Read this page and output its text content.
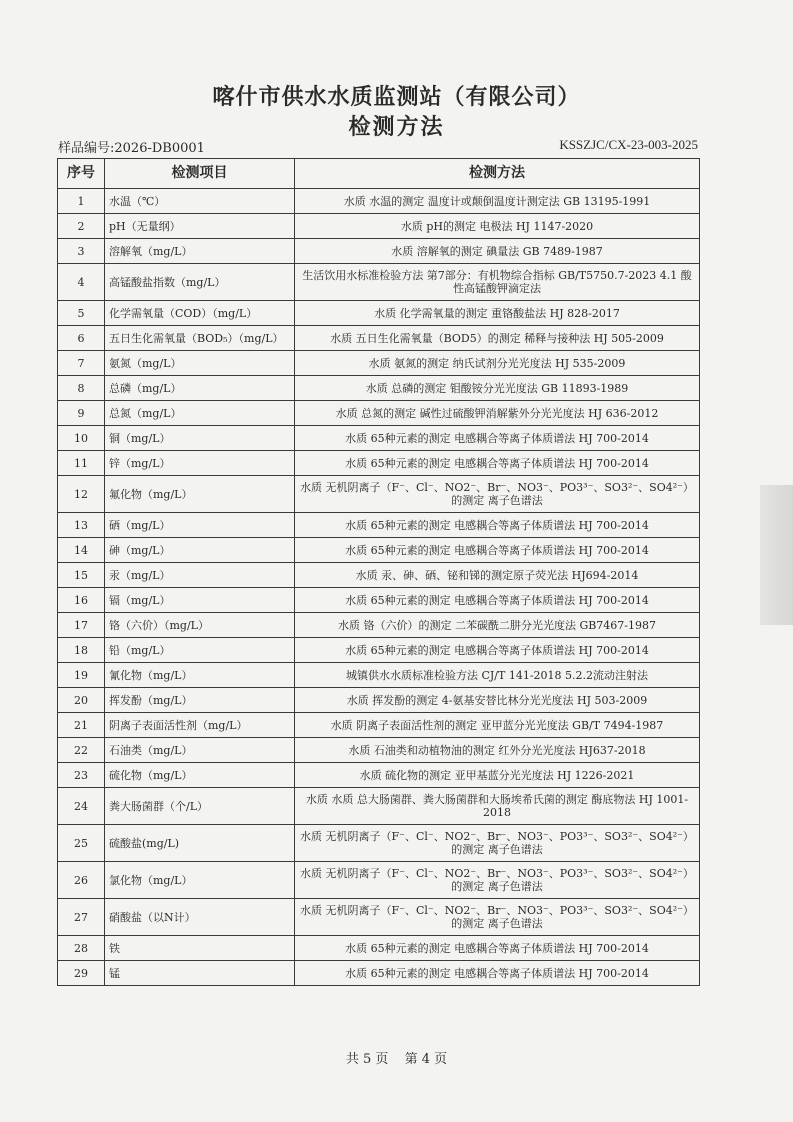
喀什市供水水质监测站（有限公司）
检测方法
样品编号:2026-DB0001	KSSZJC/CX-23-003-2025
序号	检测项目	检测方法
1	水温（℃）	水质 水温的测定 温度计或颠倒温度计测定法 GB 13195-1991
2	pH（无量纲）	水质 pH的测定 电极法 HJ 1147-2020
3	溶解氧（mg/L）	水质 溶解氧的测定 碘量法 GB 7489-1987
4	高锰酸盐指数（mg/L）	生活饮用水标准检验方法 第7部分：有机物综合指标 GB/T5750.7-2023 4.1 酸性高锰酸钾滴定法
5	化学需氧量（COD）（mg/L）	水质 化学需氧量的测定 重铬酸盐法 HJ 828-2017
6	五日生化需氧量（BOD₅）（mg/L）	水质 五日生化需氧量（BOD5）的测定 稀释与接种法 HJ 505-2009
7	氨氮（mg/L）	水质 氨氮的测定 纳氏试剂分光光度法 HJ 535-2009
8	总磷（mg/L）	水质 总磷的测定 钼酸铵分光光度法 GB 11893-1989
9	总氮（mg/L）	水质 总氮的测定 碱性过硫酸钾消解紫外分光光度法 HJ 636-2012
10	铜（mg/L）	水质 65种元素的测定 电感耦合等离子体质谱法 HJ 700-2014
11	锌（mg/L）	水质 65种元素的测定 电感耦合等离子体质谱法 HJ 700-2014
12	氟化物（mg/L）	水质 无机阴离子（F⁻、Cl⁻、NO2⁻、Br⁻、NO3⁻、PO3³⁻、SO3²⁻、SO4²⁻）的测定 离子色谱法
13	硒（mg/L）	水质 65种元素的测定 电感耦合等离子体质谱法 HJ 700-2014
14	砷（mg/L）	水质 65种元素的测定 电感耦合等离子体质谱法 HJ 700-2014
15	汞（mg/L）	水质 汞、砷、硒、铋和锑的测定原子荧光法 HJ694-2014
16	镉（mg/L）	水质 65种元素的测定 电感耦合等离子体质谱法 HJ 700-2014
17	铬（六价）（mg/L）	水质 铬（六价）的测定 二苯碳酰二肼分光光度法 GB7467-1987
18	铅（mg/L）	水质 65种元素的测定 电感耦合等离子体质谱法 HJ 700-2014
19	氰化物（mg/L）	城镇供水水质标准检验方法 CJ/T 141-2018 5.2.2流动注射法
20	挥发酚（mg/L）	水质 挥发酚的测定 4-氨基安替比林分光光度法 HJ 503-2009
21	阴离子表面活性剂（mg/L）	水质 阴离子表面活性剂的测定 亚甲蓝分光光度法 GB/T 7494-1987
22	石油类（mg/L）	水质 石油类和动植物油的测定 红外分光光度法 HJ637-2018
23	硫化物（mg/L）	水质 硫化物的测定 亚甲基蓝分光光度法 HJ 1226-2021
24	粪大肠菌群（个/L）	水质 水质 总大肠菌群、粪大肠菌群和大肠埃希氏菌的测定 酶底物法 HJ 1001-2018
25	硫酸盐(mg/L)	水质 无机阴离子（F⁻、Cl⁻、NO2⁻、Br⁻、NO3⁻、PO3³⁻、SO3²⁻、SO4²⁻）的测定 离子色谱法
26	氯化物（mg/L）	水质 无机阴离子（F⁻、Cl⁻、NO2⁻、Br⁻、NO3⁻、PO3³⁻、SO3²⁻、SO4²⁻）的测定 离子色谱法
27	硝酸盐（以N计）	水质 无机阴离子（F⁻、Cl⁻、NO2⁻、Br⁻、NO3⁻、PO3³⁻、SO3²⁻、SO4²⁻）的测定 离子色谱法
28	铁	水质 65种元素的测定 电感耦合等离子体质谱法 HJ 700-2014
29	锰	水质 65种元素的测定 电感耦合等离子体质谱法 HJ 700-2014
共 5 页 第 4 页
